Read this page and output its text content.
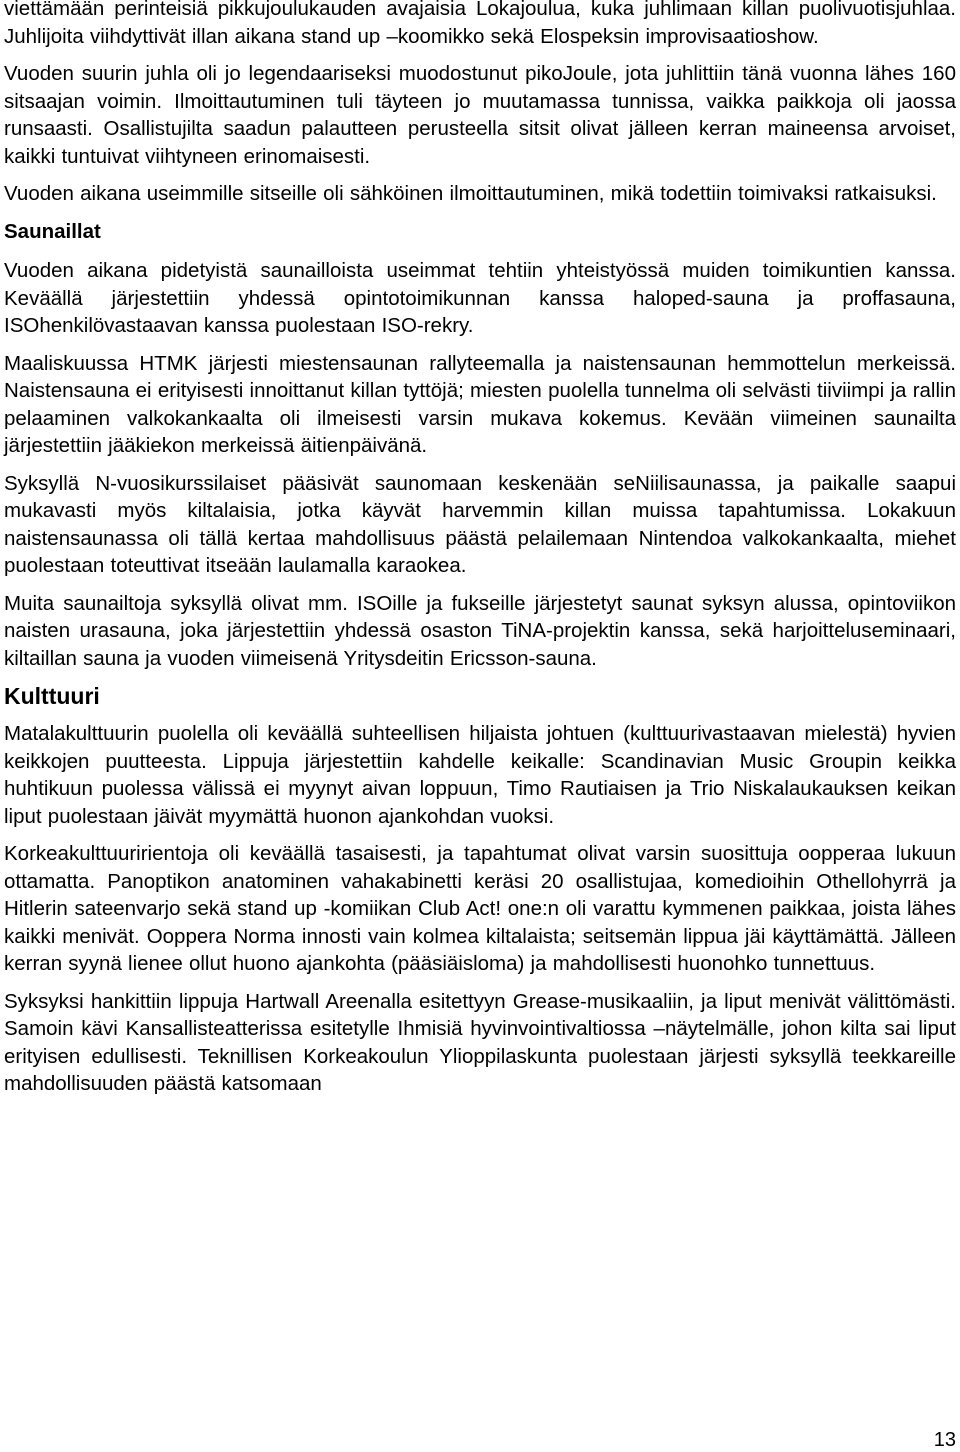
viettämään perinteisiä pikkujoulukauden avajaisia Lokajoulua, kuka juhlimaan killan puolivuotisjuhlaa. Juhlijoita viihdyttivät illan aikana stand up –koomikko sekä Elospeksin improvisaatioshow.

Vuoden suurin juhla oli jo legendaariseksi muodostunut pikoJoule, jota juhlittiin tänä vuonna lähes 160 sitsaajan voimin. Ilmoittautuminen tuli täyteen jo muutamassa tunnissa, vaikka paikkoja oli jaossa runsaasti. Osallistujilta saadun palautteen perusteella sitsit olivat jälleen kerran maineensa arvoiset, kaikki tuntuivat viihtyneen erinomaisesti.

Vuoden aikana useimmille sitseille oli sähköinen ilmoittautuminen, mikä todettiin toimivaksi ratkaisuksi.

Saunaillat

Vuoden aikana pidetyistä saunailloista useimmat tehtiin yhteistyössä muiden toimikuntien kanssa. Keväällä järjestettiin yhdessä opintotoimikunnan kanssa haloped-sauna ja proffasauna, ISOhenkilövastaavan kanssa puolestaan ISO-rekry.

Maaliskuussa HTMK järjesti miestensaunan rallyteemalla ja naistensaunan hemmottelun merkeissä. Naistensauna ei erityisesti innoittanut killan tyttöjä; miesten puolella tunnelma oli selvästi tiiviimpi ja rallin pelaaminen valkokankaalta oli ilmeisesti varsin mukava kokemus. Kevään viimeinen saunailta järjestettiin jääkiekon merkeissä äitienpäivänä.

Syksyllä N-vuosikurssilaiset pääsivät saunomaan keskenään seNiilisaunassa, ja paikalle saapui mukavasti myös kiltalaisia, jotka käyvät harvemmin killan muissa tapahtumissa. Lokakuun naistensaunassa oli tällä kertaa mahdollisuus päästä pelailemaan Nintendoa valkokankaalta, miehet puolestaan toteuttivat itseään laulamalla karaokea.

Muita saunailtoja syksyllä olivat mm. ISOille ja fukseille järjestetyt saunat syksyn alussa, opintoviikon naisten urasauna, joka järjestettiin yhdessä osaston TiNA-projektin kanssa, sekä harjoitteluseminaari, kiltaillan sauna ja vuoden viimeisenä Yritysdeitin Ericsson-sauna.

Kulttuuri

Matalakulttuurin puolella oli keväällä suhteellisen hiljaista johtuen (kulttuurivastaavan mielestä) hyvien keikkojen puutteesta. Lippuja järjestettiin kahdelle keikalle: Scandinavian Music Groupin keikka huhtikuun puolessa välissä ei myynyt aivan loppuun, Timo Rautiaisen ja Trio Niskalaukauksen keikan liput puolestaan jäivät myymättä huonon ajankohdan vuoksi.

Korkeakulttuuririentoja oli keväällä tasaisesti, ja tapahtumat olivat varsin suosittuja oopperaa lukuun ottamatta. Panoptikon anatominen vahakabinetti keräsi 20 osallistujaa, komedioihin Othellohyrrä ja Hitlerin sateenvarjo sekä stand up -komiikan Club Act! one:n oli varattu kymmenen paikkaa, joista lähes kaikki menivät. Ooppera Norma innosti vain kolmea kiltalaista; seitsemän lippua jäi käyttämättä. Jälleen kerran syynä lienee ollut huono ajankohta (pääsiäisloma) ja mahdollisesti huonohko tunnettuus.

Syksyksi hankittiin lippuja Hartwall Areenalla esitettyyn Grease-musikaaliin, ja liput menivät välittömästi. Samoin kävi Kansallisteatterissa esitetylle Ihmisiä hyvinvointivaltiossa –näytelmälle, johon kilta sai liput erityisen edullisesti. Teknillisen Korkeakoulun Ylioppilaskunta puolestaan järjesti syksyllä teekkareille mahdollisuuden päästä katsomaan

13
